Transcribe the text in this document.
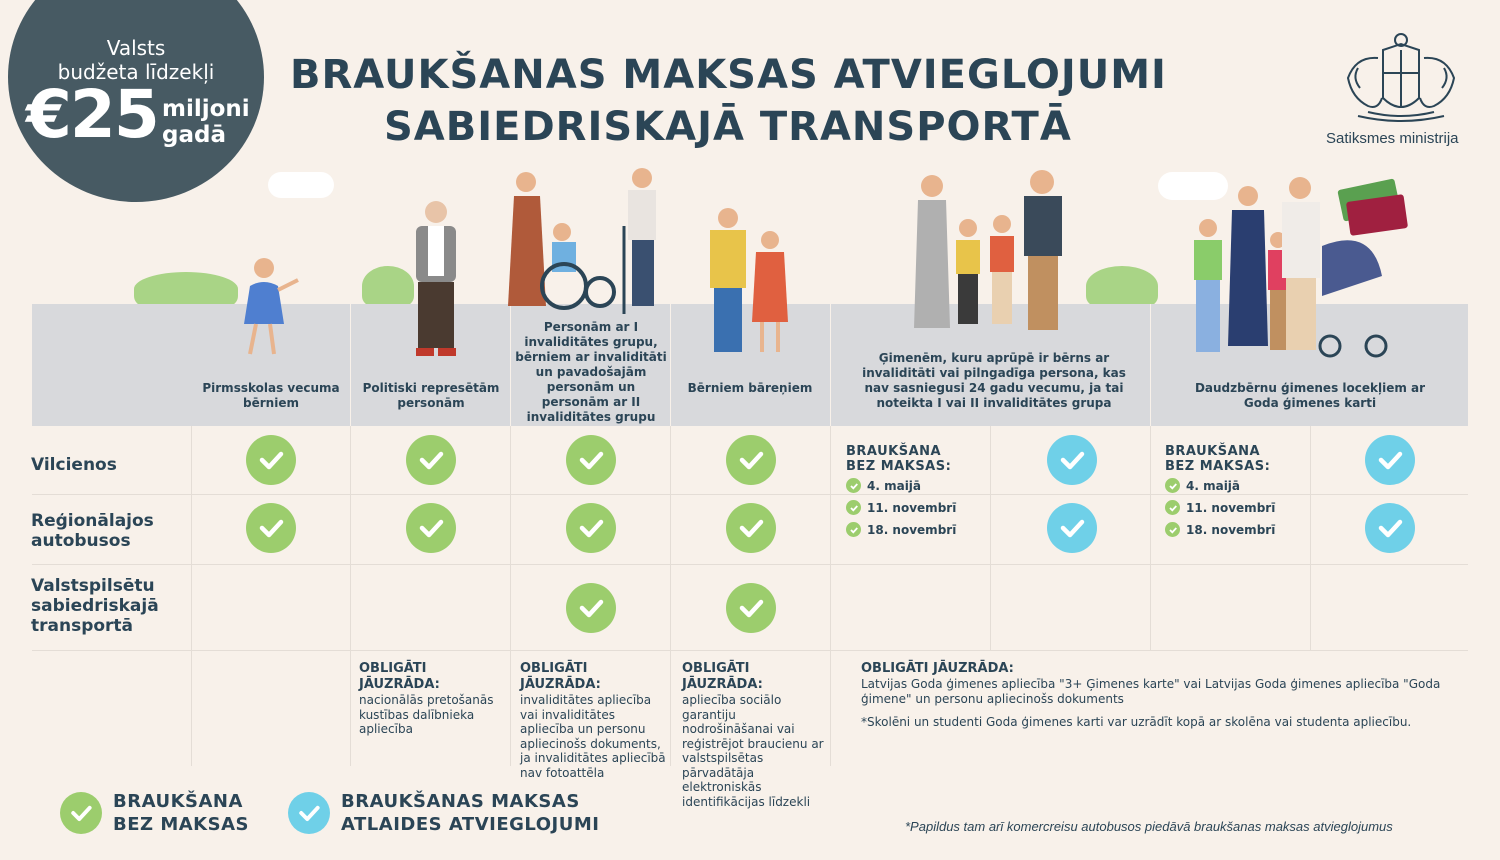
Valsts
budžeta līdzekļi
€25 miljoni
gadā
BRAUKŠANAS MAKSAS ATVIEGLOJUMI
SABIEDRISKAJĀ TRANSPORTĀ	Satiksmes ministrija
Pirmsskolas vecuma bērniem
Politiski represētām personām
Personām ar I invaliditātes grupu, bērniem ar invaliditāti un pavadošajām personām un personām ar II invaliditātes grupu
Bērniem bāreņiem
Ģimenēm, kuru aprūpē ir bērns ar invaliditāti vai pilngadīga persona, kas nav sasniegusi 24 gadu vecumu, ja tai noteikta I vai II invaliditātes grupa
Daudzbērnu ģimenes locekļiem ar Goda ģimenes karti
Vilcienos
Reģionālajos autobusos
Valstspilsētu sabiedriskajā transportā
BRAUKŠANA
BEZ MAKSAS:
4. maijā
11. novembrī
18. novembrī
BRAUKŠANA
BEZ MAKSAS:
4. maijā
11. novembrī
18. novembrī
OBLIGĀTI
JĀUZRĀDA:
nacionālās pretošanās kustības dalībnieka apliecība
OBLIGĀTI
JĀUZRĀDA:
invaliditātes apliecība vai invaliditātes apliecība un personu apliecinošs dokuments, ja invaliditātes apliecībā nav fotoattēla
OBLIGĀTI
JĀUZRĀDA:
apliecība sociālo garantiju nodrošināšanai vai reģistrējot braucienu ar valstspilsētas pārvadātāja elektroniskās identifikācijas līdzekli
OBLIGĀTI JĀUZRĀDA:
Latvijas Goda ģimenes apliecība "3+ Ģimenes karte" vai Latvijas Goda ģimenes apliecība "Goda ģimene" un personu apliecinošs dokuments
*Skolēni un studenti Goda ģimenes karti var uzrādīt kopā ar skolēna vai studenta apliecību.
BRAUKŠANA
BEZ MAKSAS
BRAUKŠANAS MAKSAS
ATLAIDES ATVIEGLOJUMI	*Papildus tam arī komercreisu autobusos piedāvā braukšanas maksas atvieglojumus
